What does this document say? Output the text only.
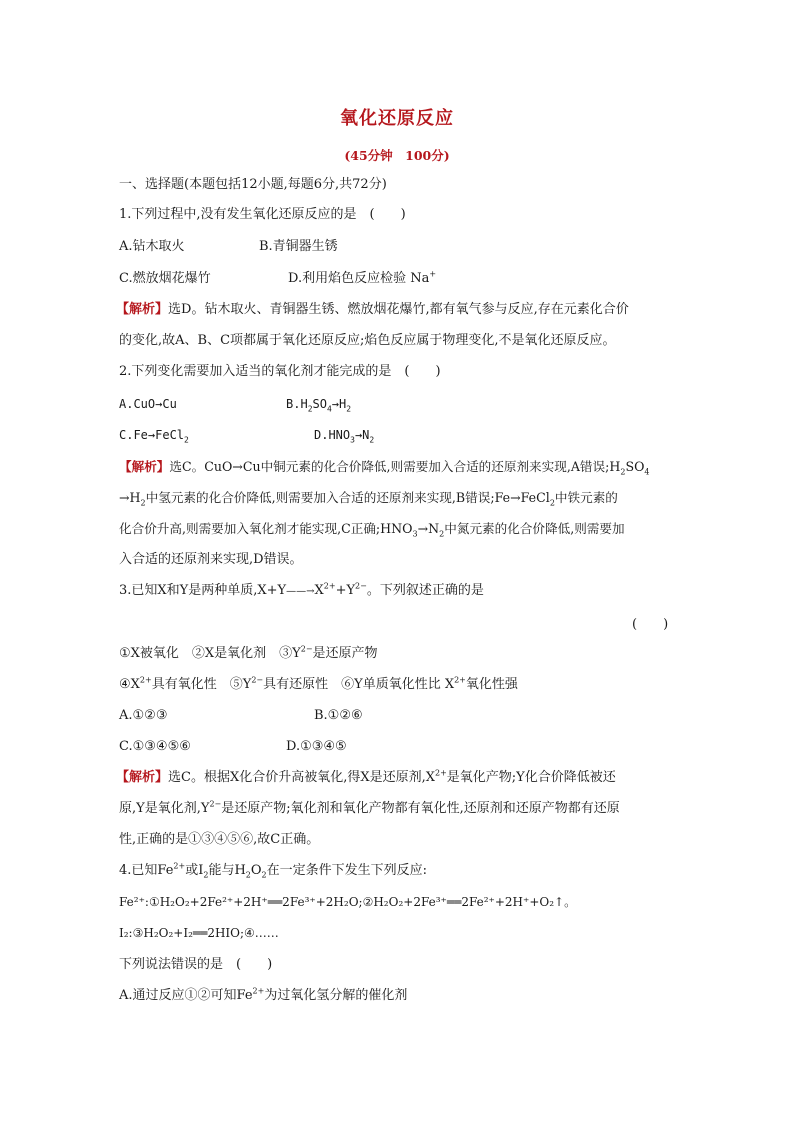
氧化还原反应
(45分钟　100分)
一、选择题(本题包括12小题,每题6分,共72分)
1.下列过程中,没有发生氧化还原反应的是　(　　)
A.钻木取火	B.青铜器生锈
C.燃放烟花爆竹	D.利用焰色反应检验 Na+
【解析】选D。钻木取火、青铜器生锈、燃放烟花爆竹,都有氧气参与反应,存在元素化合价
的变化,故A、B、C项都属于氧化还原反应;焰色反应属于物理变化,不是氧化还原反应。
2.下列变化需要加入适当的氧化剂才能完成的是　(　　)
A.CuO→Cu	$B.H_2SO_4\to H_2$
C.Fe→FeCl$_2$	$D.HNO_3\to N_2$
【解析】选C。CuO→Cu中铜元素的化合价降低,则需要加入合适的还原剂来实现,A错误$;H_2SO_4$
$\to H_2$中氢元素的化合价降低,则需要加入合适的还原剂来实现,B错误;Fe→FeCl$_2$中铁元素的
化合价升高,则需要加入氧化剂才能实现,C正确$;HNO_3\to N_2$中氮元素的化合价降低,则需要加
入合适的还原剂来实现,D错误。
3.已知X和Y是两种单质$,X+Y——\to X^{2+}+Y^{2-}$。下列叙述正确的是
(　　)
①X被氧化　②X是氧化剂　$③Y^{2-}$是还原产物
$④X^{2+}$具有氧化性　$⑤Y^{2-}$具有还原性　⑥Y单质氧化性比 $X^{2+}$氧化性强
A.①②③	B.①②⑥
C.①③④⑤⑥	D.①③④⑤
【解析】选C。根据X化合价升高被氧化,得X是还原剂$,X^{2+}$是氧化产物;Y化合价降低被还
原,Y是氧化剂$,Y^{2-}$是还原产物;氧化剂和氧化产物都有氧化性,还原剂和还原产物都有还原
性,正确的是①③④⑤⑥,故C正确。
4.已知$Fe^{2+}$或$I_2$能与$H_2O_2$在一定条件下发生下列反应:
Fe²⁺:①H₂O₂+2Fe²⁺+2H⁺══2Fe³⁺+2H₂O;②H₂O₂+2Fe³⁺══2Fe²⁺+2H⁺+O₂↑。
I₂:③H₂O₂+I₂══2HIO;④……
下列说法错误的是　(　　)
A.通过反应①②可知$Fe^{2+}$为过氧化氢分解的催化剂
